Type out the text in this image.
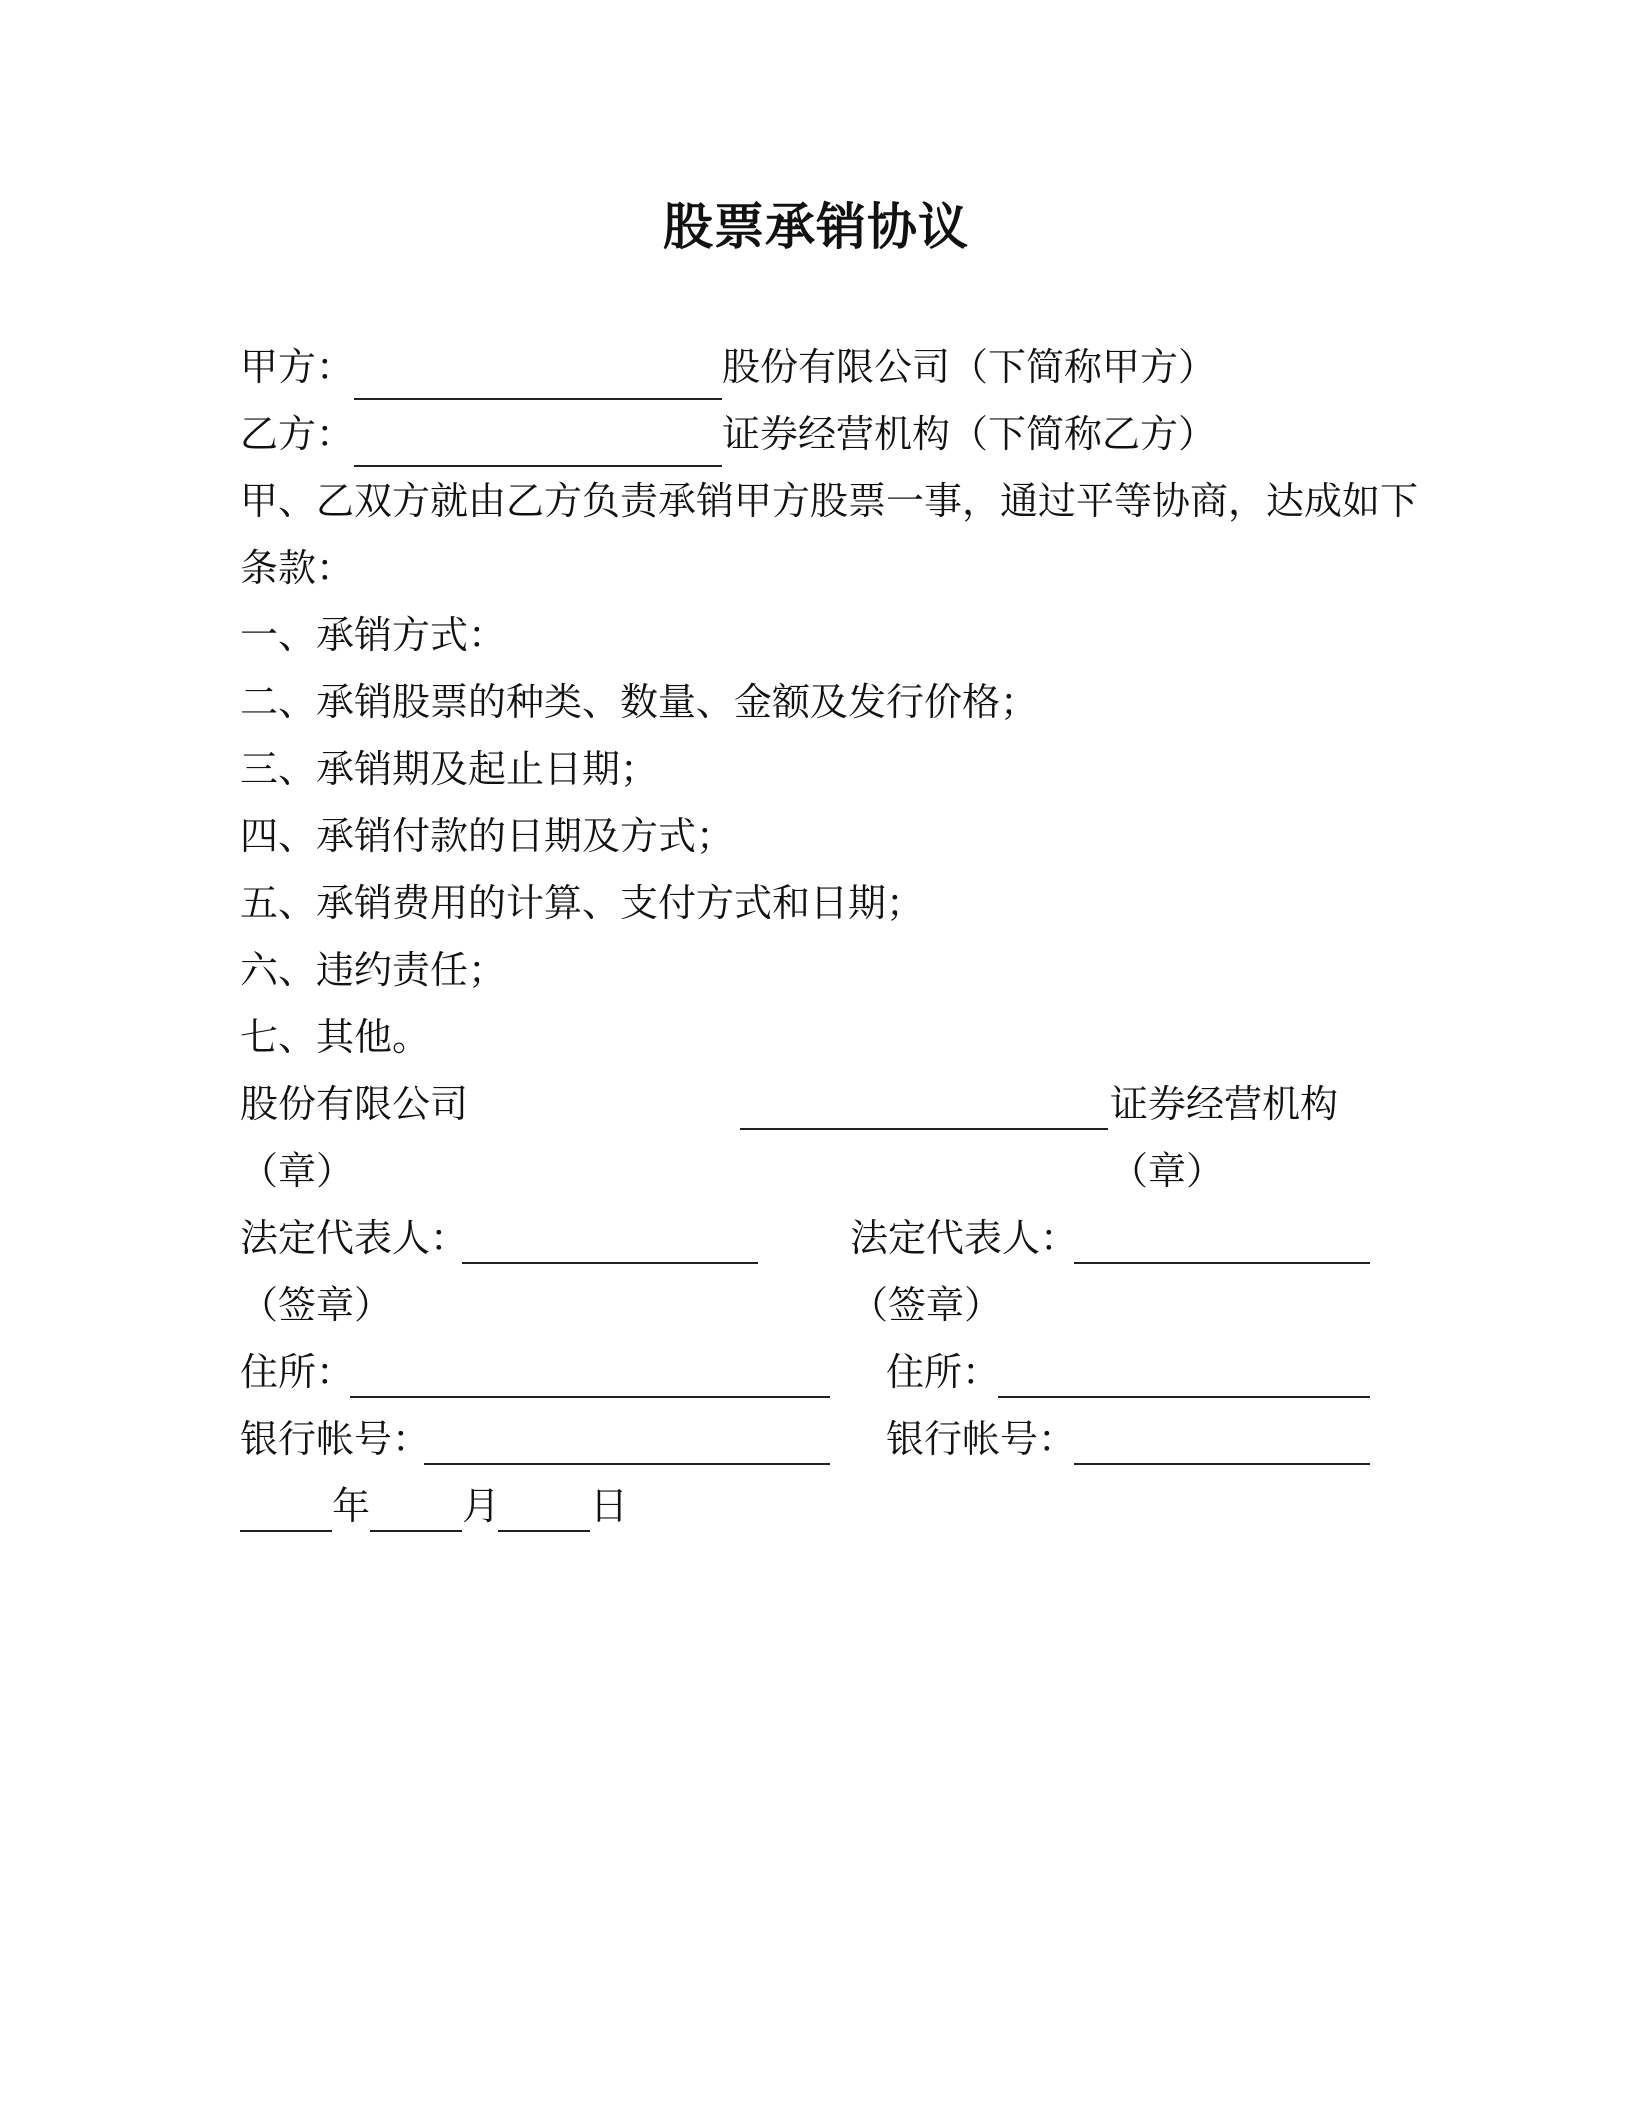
股票承销协议
甲方：	股份有限公司（下简称甲方）
乙方：	证券经营机构（下简称乙方）
甲、乙双方就由乙方负责承销甲方股票一事，通过平等协商，达成如下
条款：
一、承销方式：
二、承销股票的种类、数量、金额及发行价格；
三、承销期及起止日期；
四、承销付款的日期及方式；
五、承销费用的计算、支付方式和日期；
六、违约责任；
七、其他。
股份有限公司	证券经营机构
（章）	（章）
法定代表人：	法定代表人：
（签章）	（签章）
住所：	住所：
银行帐号：	银行帐号：
年 月 日
